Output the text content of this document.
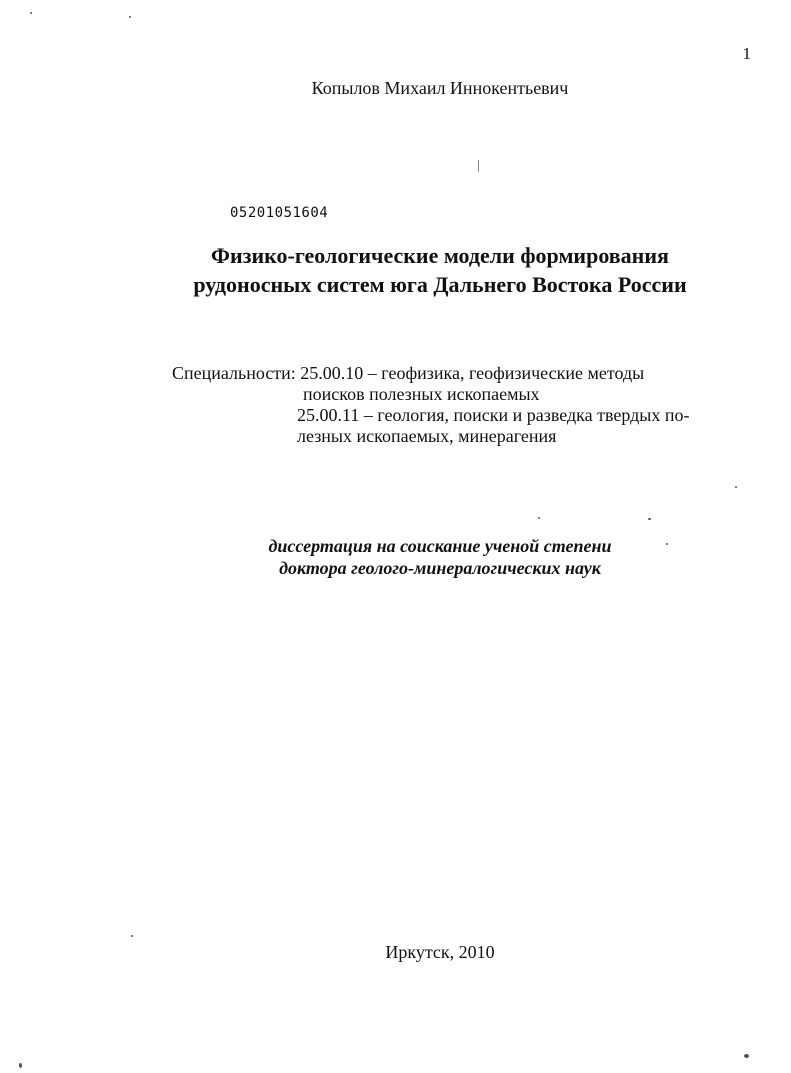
1
Копылов Михаил Иннокентьевич
05201051604
Физико-геологические модели формирования
рудоносных систем юга Дальнего Востока России
Специальности: 25.00.10 – геофизика, геофизические методы
поисков полезных ископаемых
25.00.11 – геология, поиски и разведка твердых по-
лезных ископаемых, минерагения
диссертация на соискание ученой степени
доктора геолого-минералогических наук
Иркутск, 2010
